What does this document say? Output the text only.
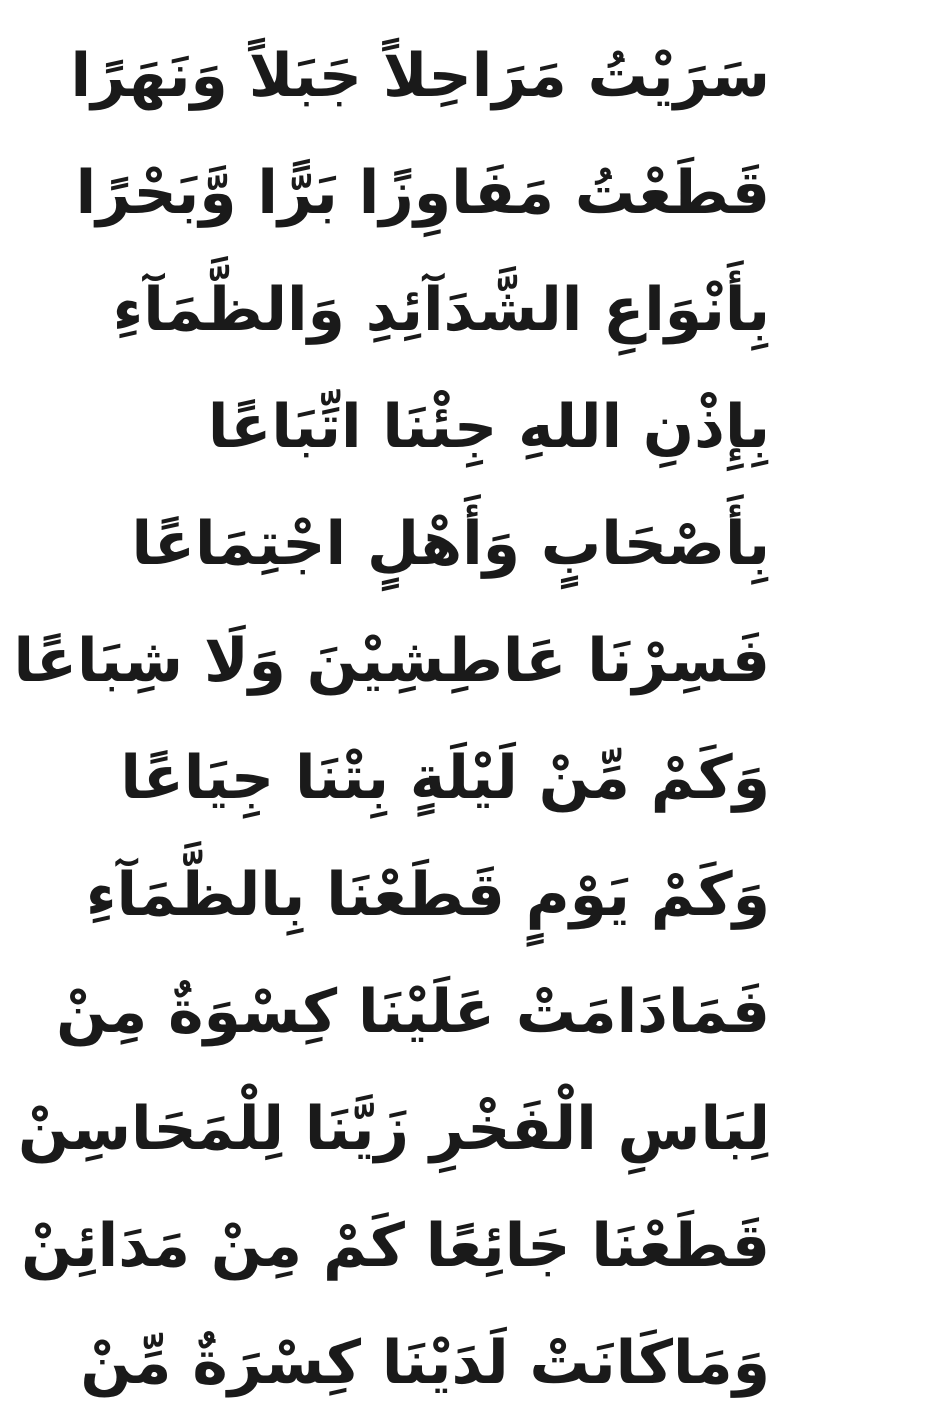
سَرَيْتُ مَرَاحِلاً جَبَلاً وَنَهَرًا
قَطَعْتُ مَفَاوِزًا بَرًّا وَّبَحْرًا
بِأَنْوَاعِ الشَّدَآئِدِ وَالظَّمَآءِ
بِإِذْنِ اللهِ جِئْنَا اتِّبَاعًا
بِأَصْحَابٍ وَأَهْلٍ اجْتِمَاعًا
فَسِرْنَا عَاطِشِيْنَ وَلَا شِبَاعًا
وَكَمْ مِّنْ لَيْلَةٍ بِتْنَا جِيَاعًا
وَكَمْ يَوْمٍ قَطَعْنَا بِالظَّمَآءِ
فَمَادَامَتْ عَلَيْنَا كِسْوَةٌ مِنْ
لِبَاسِ الْفَخْرِ زَيَّنَا لِلْمَحَاسِنْ
قَطَعْنَا جَائِعًا كَمْ مِنْ مَدَائِنْ
وَمَاكَانَتْ لَدَيْنَا كِسْرَةٌ مِّنْ
